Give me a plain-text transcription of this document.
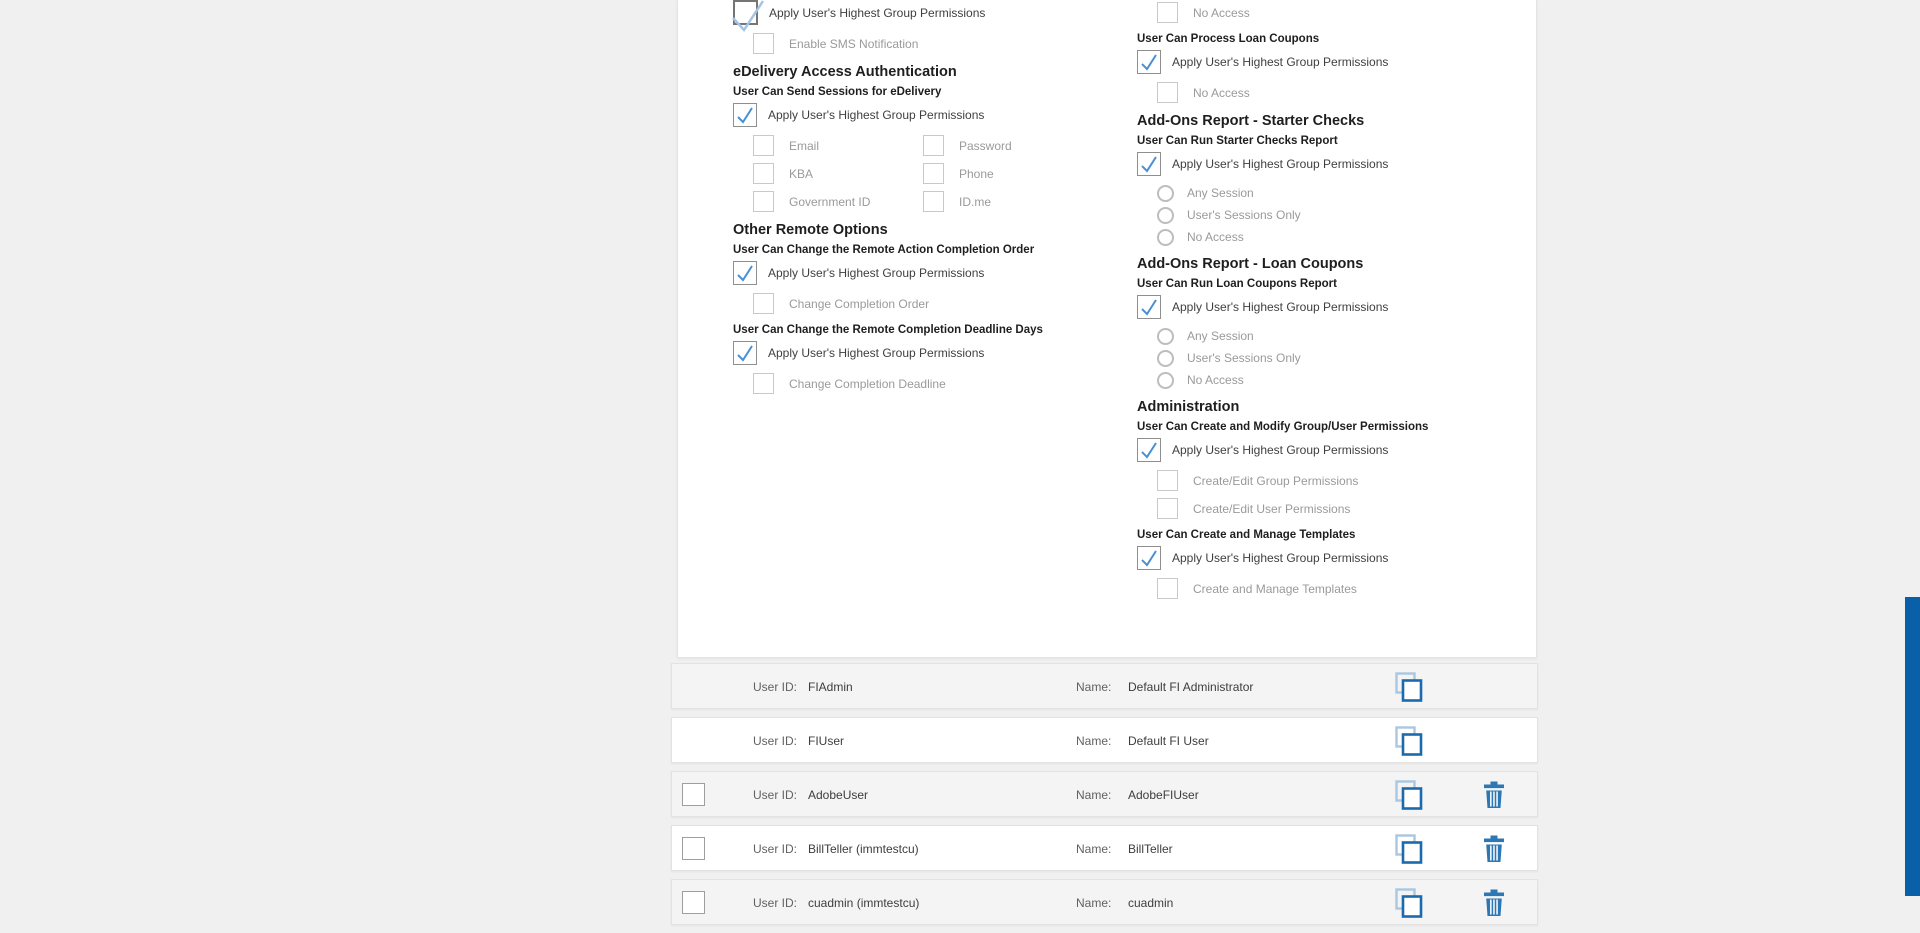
Apply User's Highest Group Permissions
Enable SMS Notification
eDelivery Access Authentication
User Can Send Sessions for eDelivery
Apply User's Highest Group Permissions
Email	Password
KBA	Phone
Government ID	ID.me
Other Remote Options
User Can Change the Remote Action Completion Order
Apply User's Highest Group Permissions
Change Completion Order
User Can Change the Remote Completion Deadline Days
Apply User's Highest Group Permissions
Change Completion Deadline
No Access
User Can Process Loan Coupons
Apply User's Highest Group Permissions
No Access
Add-Ons Report - Starter Checks
User Can Run Starter Checks Report
Apply User's Highest Group Permissions
Any Session
User's Sessions Only
No Access
Add-Ons Report - Loan Coupons
User Can Run Loan Coupons Report
Apply User's Highest Group Permissions
Any Session
User's Sessions Only
No Access
Administration
User Can Create and Modify Group/User Permissions
Apply User's Highest Group Permissions
Create/Edit Group Permissions
Create/Edit User Permissions
User Can Create and Manage Templates
Apply User's Highest Group Permissions
Create and Manage Templates
User ID: FIAdmin	Name: Default FI Administrator
User ID: FIUser	Name: Default FI User
User ID: AdobeUser	Name: AdobeFIUser
User ID: BillTeller (immtestcu)	Name: BillTeller
User ID: cuadmin (immtestcu)	Name: cuadmin
